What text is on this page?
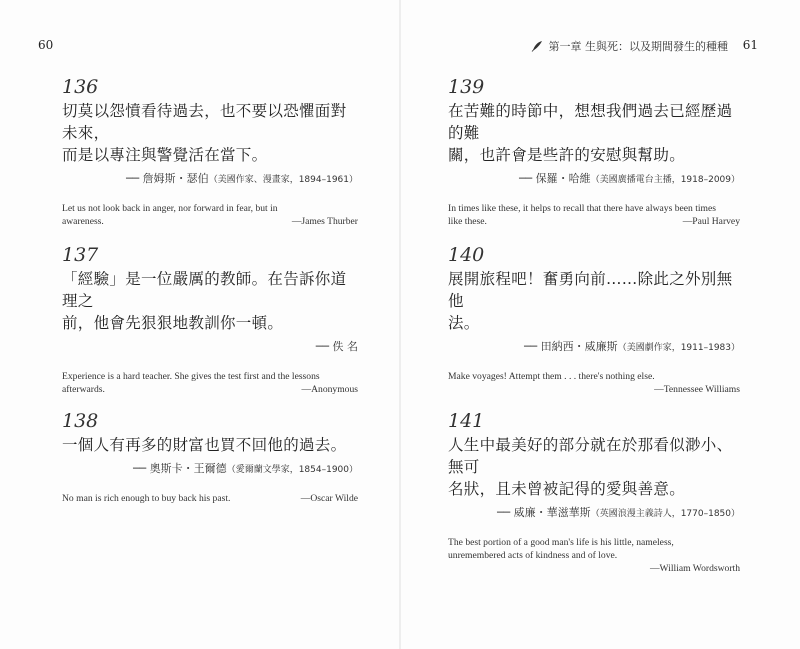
60

136

切莫以怨憤看待過去，也不要以恐懼面對未來，
而是以專注與警覺活在當下。

── 詹姆斯・瑟伯（美國作家、漫畫家，1894–1961）

Let us not look back in anger, nor forward in fear, but in
awareness.	—James Thurber

137

「經驗」是一位嚴厲的教師。在告訴你道理之
前，他會先狠狠地教訓你一頓。

── 佚 名

Experience is a hard teacher. She gives the test first and the lessons
afterwards.	—Anonymous

138

一個人有再多的財富也買不回他的過去。

── 奧斯卡・王爾德（愛爾蘭文學家，1854–1900）

No man is rich enough to buy back his past.	—Oscar Wilde
第一章 生與死：以及期間發生的種種 61

139

在苦難的時節中，想想我們過去已經歷過的難
關，也許會是些許的安慰與幫助。

── 保羅・哈維（美國廣播電台主播，1918–2009）

In times like these, it helps to recall that there have always been times
like these.	—Paul Harvey

140

展開旅程吧！奮勇向前……除此之外別無他
法。

── 田納西・威廉斯（美國劇作家，1911–1983）

Make voyages! Attempt them . . . there's nothing else.
—Tennessee Williams

141

人生中最美好的部分就在於那看似渺小、無可
名狀，且未曾被記得的愛與善意。

── 威廉・華滋華斯（英國浪漫主義詩人，1770–1850）

The best portion of a good man's life is his little, nameless,
unremembered acts of kindness and of love.
—William Wordsworth
